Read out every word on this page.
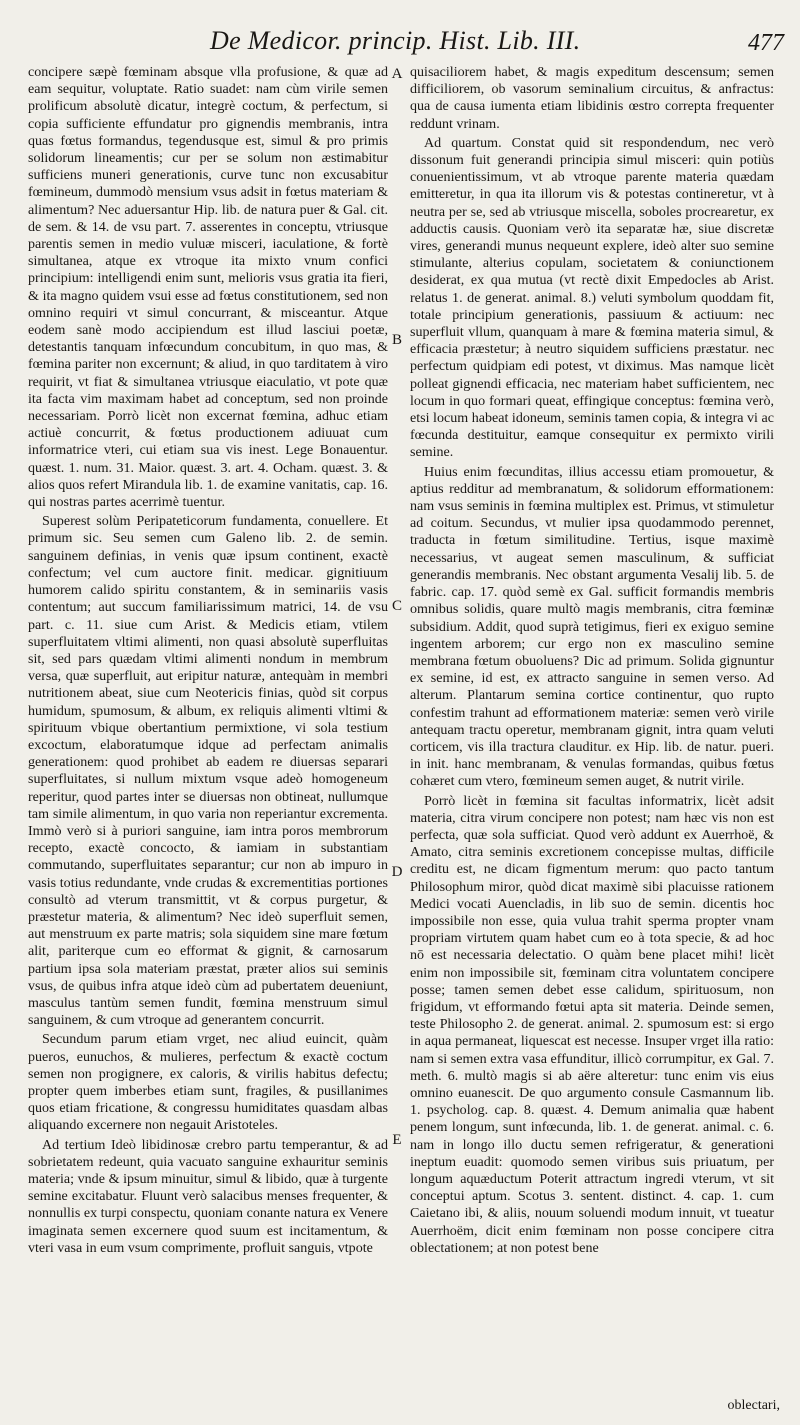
De Medicor. princip. Hist. Lib. III.	477

concipere sæpè fœminam absque vlla profusione, & quæ ad eam sequitur, voluptate. Ratio suadet: nam cùm virile semen prolificum absolutè dicatur, integrè coctum, & perfectum, si copia sufficiente effundatur pro gignendis membranis, intra quas fœtus formandus, tegendusque est, simul & pro primis solidorum lineamentis; cur per se solum non æstimabitur sufficiens muneri generationis, curve tunc non excusabitur fœmineum, dummodò mensium vsus adsit in fœtus materiam & alimentum? Nec aduersantur Hip. lib. de natura puer & Gal. cit. de sem. & 14. de vsu part. 7. asserentes in conceptu, vtriusque parentis semen in medio vuluæ misceri, iaculatione, & fortè simultanea, atque ex vtroque ita mixto vnum confici principium: intelligendi enim sunt, melioris vsus gratia ita fieri, & ita magno quidem vsui esse ad fœtus constitutionem, sed non omnino requiri vt simul concurrant, & misceantur. Atque eodem sanè modo accipiendum est illud lasciui poetæ, detestantis tanquam infœcundum concubitum, in quo mas, & fœmina pariter non excernunt; & aliud, in quo tarditatem à viro requirit, vt fiat & simultanea vtriusque eiaculatio, vt pote quæ ita facta vim maximam habet ad conceptum, sed non proinde necessariam. Porrò licèt non excernat fœmina, adhuc etiam actiuè concurrit, & fœtus productionem adiuuat cum informatrice vteri, cui etiam sua vis inest. Lege Bonauentur. quæst. 1. num. 31. Maior. quæst. 3. art. 4. Ocham. quæst. 3. & alios quos refert Mirandula lib. 1. de examine vanitatis, cap. 16. qui nostras partes acerrimè tuentur.

Superest solùm Peripateticorum fundamenta, conuellere. Et primum sic. Seu semen cum Galeno lib. 2. de semin. sanguinem definias, in venis quæ ipsum continent, exactè confectum; vel cum auctore finit. medicar. gignitiuum humorem calido spiritu constantem, & in seminariis vasis contentum; aut succum familiarissimum matrici, 14. de vsu part. c. 11. siue cum Arist. & Medicis etiam, vtilem superfluitatem vltimi alimenti, non quasi absolutè superfluitas sit, sed pars quædam vltimi alimenti nondum in membrum versa, quæ superfluit, aut eripitur naturæ, antequàm in membri nutritionem abeat, siue cum Neotericis finias, quòd sit corpus humidum, spumosum, & album, ex reliquis alimenti vltimi & spirituum vbique obertantium permixtione, vi sola testium excoctum, elaboratumque idque ad perfectam animalis generationem: quod prohibet ab eadem re diuersas separari superfluitates, si nullum mixtum vsque adeò homogeneum reperitur, quod partes inter se diuersas non obtineat, nullumque tam simile alimentum, in quo varia non reperiantur excrementa. Immò verò si à puriori sanguine, iam intra poros membrorum recepto, exactè concocto, & iamiam in substantiam commutando, superfluitates separantur; cur non ab impuro in vasis totius redundante, vnde crudas & excrementitias portiones consultò ad vterum transmittit, vt & corpus purgetur, & præstetur materia, & alimentum? Nec ideò superfluit semen, aut menstruum ex parte matris; sola siquidem sine mare fœtum alit, pariterque cum eo efformat & gignit, & carnosarum partium ipsa sola materiam præstat, præter alios sui seminis vsus, de quibus infra atque ideò cùm ad pubertatem deueniunt, masculus tantùm semen fundit, fœmina menstruum simul sanguinem, & cum vtroque ad generantem concurrit.

Secundum parum etiam vrget, nec aliud euincit, quàm pueros, eunuchos, & mulieres, perfectum & exactè coctum semen non progignere, ex caloris, & virilis habitus defectu; propter quem imberbes etiam sunt, fragiles, & pusillanimes quos etiam fricatione, & congressu humiditates quasdam albas aliquando excernere non negauit Aristoteles.

Ad tertium Ideò libidinosæ crebro partu temperantur, & ad sobrietatem redeunt, quia vacuato sanguine exhauritur seminis materia; vnde & ipsum minuitur, simul & libido, quæ à turgente semine excitabatur. Fluunt verò salacibus menses frequenter, & nonnullis ex turpi conspectu, quoniam conante natura ex Venere imaginata semen excernere quod suum est incitamentum, & vteri vasa in eum vsum comprimente, profluit sanguis, vtpote

A
B
C
D
E

quisaciliorem habet, & magis expeditum descensum; semen difficiliorem, ob vasorum seminalium circuitus, & anfractus: qua de causa iumenta etiam libidinis œstro correpta frequenter reddunt vrinam.

Ad quartum. Constat quid sit respondendum, nec verò dissonum fuit generandi principia simul misceri: quin potiùs conuenientissimum, vt ab vtroque parente materia quædam emitteretur, in qua ita illorum vis & potestas contineretur, vt à neutra per se, sed ab vtriusque miscella, soboles procrearetur, ex adductis causis. Quoniam verò ita separatæ hæ, siue discretæ vires, generandi munus nequeunt explere, ideò alter suo semine stimulante, alterius copulam, societatem & coniunctionem desiderat, ex qua mutua (vt rectè dixit Empedocles ab Arist. relatus 1. de generat. animal. 8.) veluti symbolum quoddam fit, totale principium generationis, passiuum & actiuum: nec superfluit vllum, quanquam à mare & fœmina materia simul, & efficacia præstetur; à neutro siquidem sufficiens præstatur. nec perfectum quidpiam edi potest, vt diximus. Mas namque licèt polleat gignendi efficacia, nec materiam habet sufficientem, nec locum in quo formari queat, effingique conceptus: fœmina verò, etsi locum habeat idoneum, seminis tamen copia, & integra vi ac fœcunda destituitur, eamque consequitur ex permixto virili semine.

Huius enim fœcunditas, illius accessu etiam promouetur, & aptius redditur ad membranatum, & solidorum efformationem: nam vsus seminis in fœmina multiplex est. Primus, vt stimuletur ad coitum. Secundus, vt mulier ipsa quodammodo perennet, traducta in fœtum similitudine. Tertius, isque maximè necessarius, vt augeat semen masculinum, & sufficiat generandis membranis. Nec obstant argumenta Vesalij lib. 5. de fabric. cap. 17. quòd semè ex Gal. sufficit formandis membris omnibus solidis, quare multò magis membranis, citra fœminæ subsidium. Addit, quod suprà tetigimus, fieri ex exiguo semine ingentem arborem; cur ergo non ex masculino semine membrana fœtum obuoluens? Dic ad primum. Solida gignuntur ex semine, id est, ex attracto sanguine in semen verso. Ad alterum. Plantarum semina cortice continentur, quo rupto confestim trahunt ad efformationem materiæ: semen verò virile antequam tractu operetur, membranam gignit, intra quam veluti corticem, vis illa tractura clauditur. ex Hip. lib. de natur. pueri. in init. hanc membranam, & venulas formandas, quibus fœtus cohæret cum vtero, fœmineum semen auget, & nutrit virile.

Porrò licèt in fœmina sit facultas informatrix, licèt adsit materia, citra virum concipere non potest; nam hæc vis non est perfecta, quæ sola sufficiat. Quod verò addunt ex Auerrhoë, & Amato, citra seminis excretionem concepisse multas, difficile creditu est, ne dicam figmentum merum: quo pacto tantum Philosophum miror, quòd dicat maximè sibi placuisse rationem Medici vocati Auencladis, in lib suo de semin. dicentis hoc impossibile non esse, quia vulua trahit sperma propter vnam propriam virtutem quam habet cum eo à tota specie, & ad hoc nō est necessaria delectatio. O quàm bene placet mihi! licèt enim non impossibile sit, fœminam citra voluntatem concipere posse; tamen semen debet esse calidum, spirituosum, non frigidum, vt efformando fœtui apta sit materia. Deinde semen, teste Philosopho 2. de generat. animal. 2. spumosum est: si ergo in aqua permaneat, liquescat est necesse. Insuper vrget illa ratio: nam si semen extra vasa effunditur, illicò corrumpitur, ex Gal. 7. meth. 6. multò magis si ab aëre alteretur: tunc enim vis eius omnino euanescit. De quo argumento consule Casmannum lib. 1. psycholog. cap. 8. quæst. 4. Demum animalia quæ habent penem longum, sunt infœcunda, lib. 1. de generat. animal. c. 6. nam in longo illo ductu semen refrigeratur, & generationi ineptum euadit: quomodo semen viribus suis priuatum, per longum aquæductum Poterit attractum ingredi vterum, vt sit conceptui aptum. Scotus 3. sentent. distinct. 4. cap. 1. cum Caietano ibi, & aliis, nouum soluendi modum innuit, vt tueatur Auerrhoëm, dicit enim fœminam non posse concipere citra oblectationem; at non potest bene

oblectari,
